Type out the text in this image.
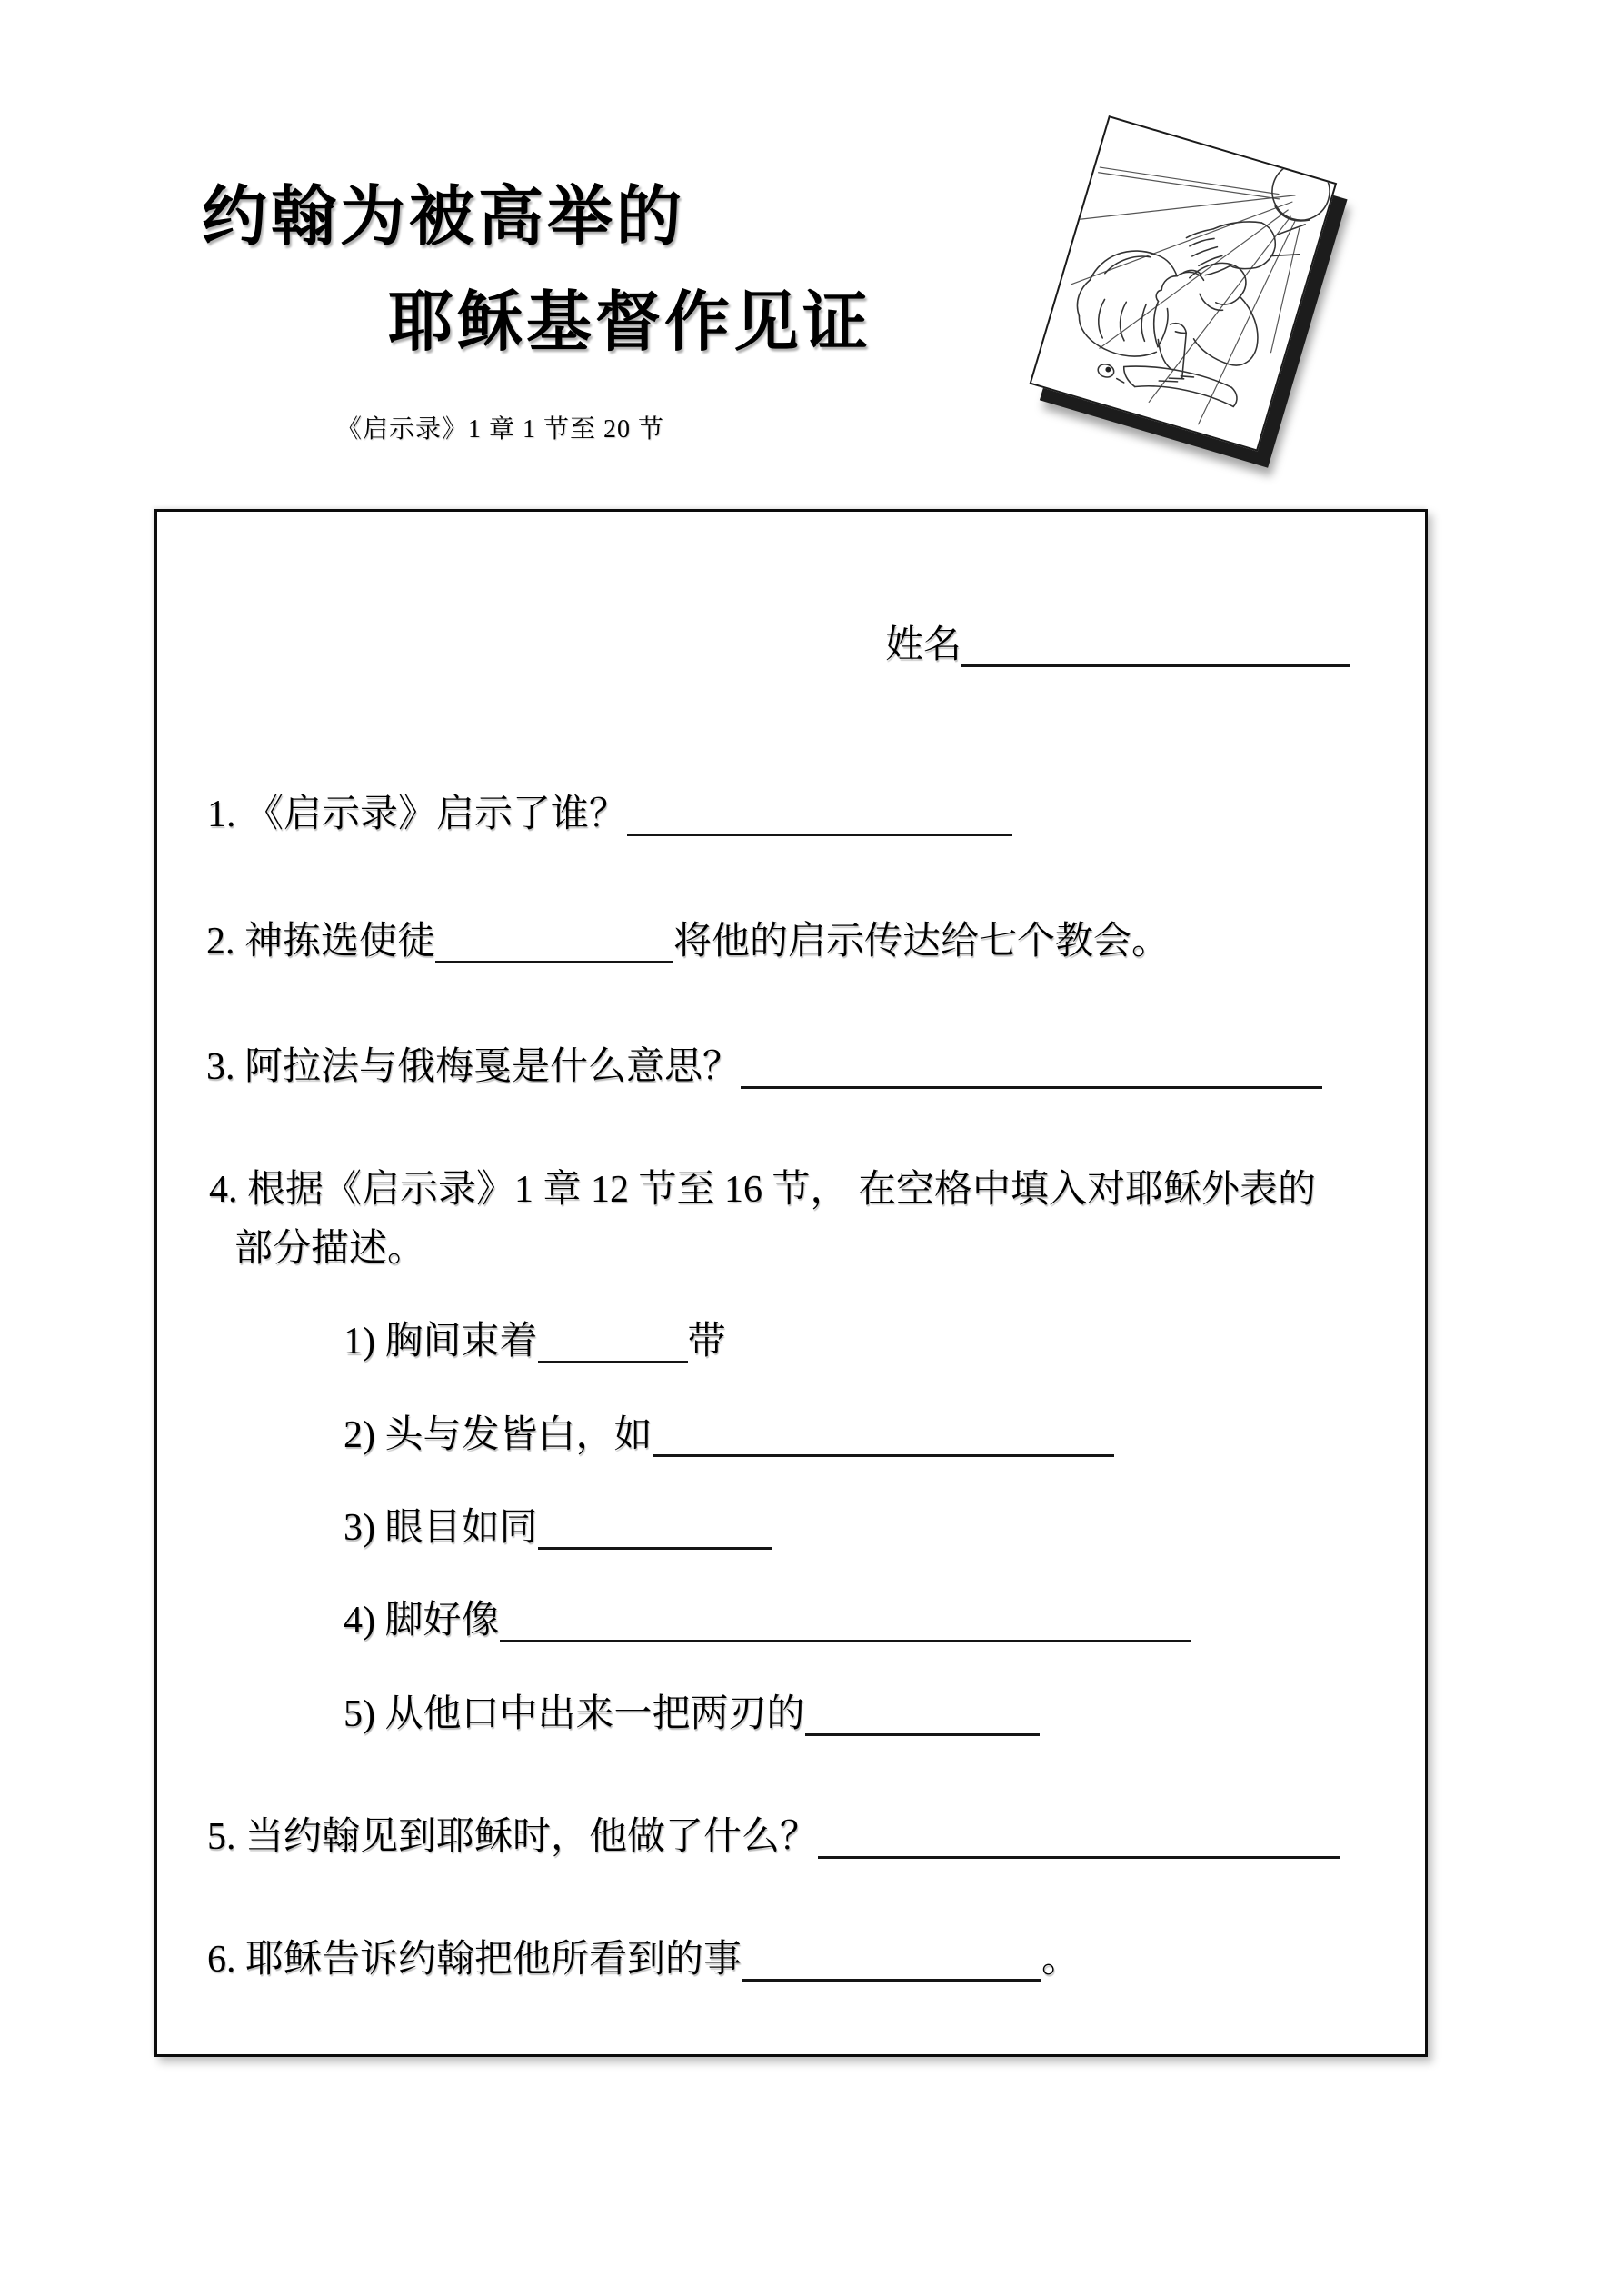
约翰为被高举的
耶稣基督作见证
《启示录》1 章 1 节至 20 节
姓名
1. 《启示录》启示了谁？
2. 神拣选使徒	将他的启示传达给七个教会。
3. 阿拉法与俄梅戛是什么意思？
4. 根据《启示录》1 章 12 节至 16 节， 在空格中填入对耶稣外表的
部分描述。
1) 胸间束着	带
2) 头与发皆白，如
3) 眼目如同
4) 脚好像
5) 从他口中出来一把两刃的
5. 当约翰见到耶稣时，他做了什么？
6. 耶稣告诉约翰把他所看到的事	。
